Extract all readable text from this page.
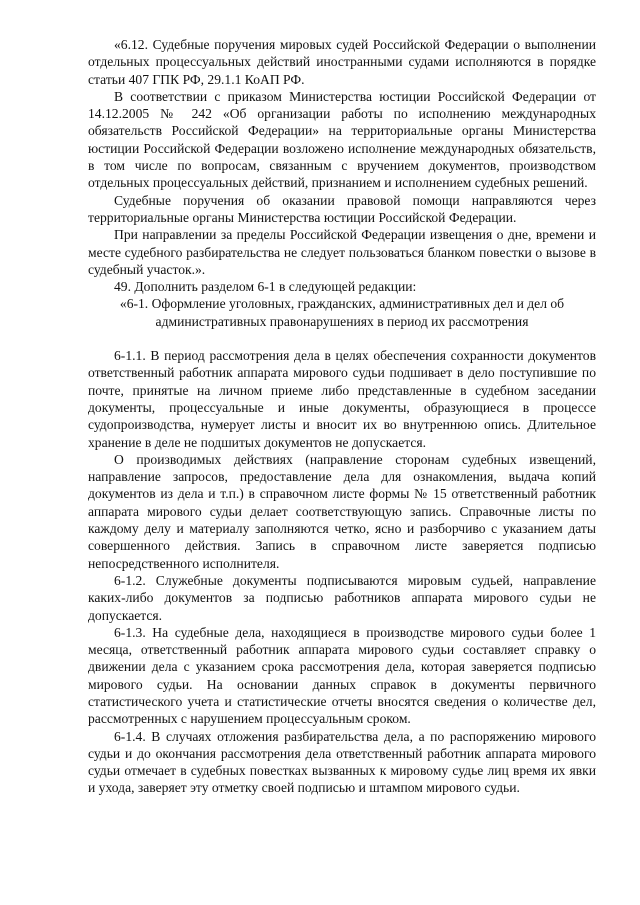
«6.12. Судебные поручения мировых судей Российской Федерации о выполнении отдельных процессуальных действий иностранными судами исполняются в порядке статьи 407 ГПК РФ, 29.1.1 КоАП РФ.

В соответствии с приказом Министерства юстиции Российской Федерации от 14.12.2005 № 242 «Об организации работы по исполнению международных обязательств Российской Федерации» на территориальные органы Министерства юстиции Российской Федерации возложено исполнение международных обязательств, в том числе по вопросам, связанным с вручением документов, производством отдельных процессуальных действий, признанием и исполнением судебных решений.

Судебные поручения об оказании правовой помощи направляются через территориальные органы Министерства юстиции Российской Федерации.

При направлении за пределы Российской Федерации извещения о дне, времени и месте судебного разбирательства не следует пользоваться бланком повестки о вызове в судебный участок.».

49. Дополнить разделом 6-1 в следующей редакции:

«6-1. Оформление уголовных, гражданских, административных дел и дел об административных правонарушениях в период их рассмотрения

6-1.1. В период рассмотрения дела в целях обеспечения сохранности документов ответственный работник аппарата мирового судьи подшивает в дело поступившие по почте, принятые на личном приеме либо представленные в судебном заседании документы, процессуальные и иные документы, образующиеся в процессе судопроизводства, нумерует листы и вносит их во внутреннюю опись. Длительное хранение в деле не подшитых документов не допускается.

О производимых действиях (направление сторонам судебных извещений, направление запросов, предоставление дела для ознакомления, выдача копий документов из дела и т.п.) в справочном листе формы № 15 ответственный работник аппарата мирового судьи делает соответствующую запись. Справочные листы по каждому делу и материалу заполняются четко, ясно и разборчиво с указанием даты совершенного действия. Запись в справочном листе заверяется подписью непосредственного исполнителя.

6-1.2. Служебные документы подписываются мировым судьей, направление каких-либо документов за подписью работников аппарата мирового судьи не допускается.

6-1.3. На судебные дела, находящиеся в производстве мирового судьи более 1 месяца, ответственный работник аппарата мирового судьи составляет справку о движении дела с указанием срока рассмотрения дела, которая заверяется подписью мирового судьи. На основании данных справок в документы первичного статистического учета и статистические отчеты вносятся сведения о количестве дел, рассмотренных с нарушением процессуальным сроком.

6-1.4. В случаях отложения разбирательства дела, а по распоряжению мирового судьи и до окончания рассмотрения дела ответственный работник аппарата мирового судьи отмечает в судебных повестках вызванных к мировому судье лиц время их явки и ухода, заверяет эту отметку своей подписью и штампом мирового судьи.
